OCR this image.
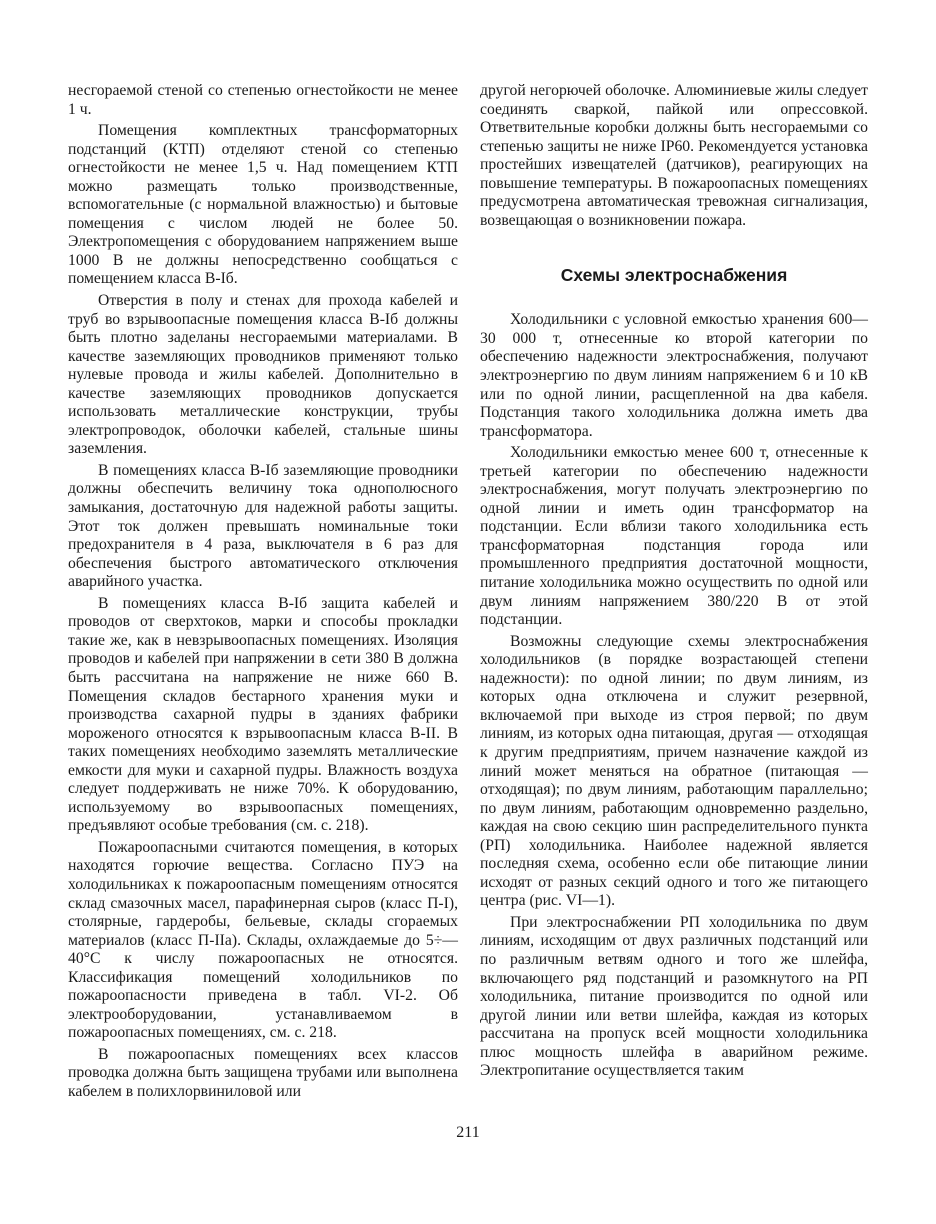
несгораемой стеной со степенью огнестойкости не менее 1 ч.

Помещения комплектных трансформаторных подстанций (КТП) отделяют стеной со степенью огнестойкости не менее 1,5 ч. Над помещением КТП можно размещать только производственные, вспомогательные (с нормальной влажностью) и бытовые помещения с числом людей не более 50. Электропомещения с оборудованием напряжением выше 1000 В не должны непосредственно сообщаться с помещением класса В-Iб.

Отверстия в полу и стенах для прохода кабелей и труб во взрывоопасные помещения класса В-Iб должны быть плотно заделаны несгораемыми материалами. В качестве заземляющих проводников применяют только нулевые провода и жилы кабелей. Дополнительно в качестве заземляющих проводников допускается использовать металлические конструкции, трубы электропроводок, оболочки кабелей, стальные шины заземления.

В помещениях класса В-Iб заземляющие проводники должны обеспечить величину тока однополюсного замыкания, достаточную для надежной работы защиты. Этот ток должен превышать номинальные токи предохранителя в 4 раза, выключателя в 6 раз для обеспечения быстрого автоматического отключения аварийного участка.

В помещениях класса В-Iб защита кабелей и проводов от сверхтоков, марки и способы прокладки такие же, как в невзрывоопасных помещениях. Изоляция проводов и кабелей при напряжении в сети 380 В должна быть рассчитана на напряжение не ниже 660 В. Помещения складов бестарного хранения муки и производства сахарной пудры в зданиях фабрики мороженого относятся к взрывоопасным класса В-II. В таких помещениях необходимо заземлять металлические емкости для муки и сахарной пудры. Влажность воздуха следует поддерживать не ниже 70%. К оборудованию, используемому во взрывоопасных помещениях, предъявляют особые требования (см. с. 218).

Пожароопасными считаются помещения, в которых находятся горючие вещества. Согласно ПУЭ на холодильниках к пожароопасным помещениям относятся склад смазочных масел, парафинерная сыров (класс П-I), столярные, гардеробы, бельевые, склады сгораемых материалов (класс П-IIа). Склады, охлаждаемые до 5÷—40°С к числу пожароопасных не относятся. Классификация помещений холодильников по пожароопасности приведена в табл. VI-2. Об электрооборудовании, устанавливаемом в пожароопасных помещениях, см. с. 218.

В пожароопасных помещениях всех классов проводка должна быть защищена трубами или выполнена кабелем в полихлорвиниловой или

другой негорючей оболочке. Алюминиевые жилы следует соединять сваркой, пайкой или опрессовкой. Ответвительные коробки должны быть несгораемыми со степенью защиты не ниже IP60. Рекомендуется установка простейших извещателей (датчиков), реагирующих на повышение температуры. В пожароопасных помещениях предусмотрена автоматическая тревожная сигнализация, возвещающая о возникновении пожара.

Схемы электроснабжения

Холодильники с условной емкостью хранения 600—30 000 т, отнесенные ко второй категории по обеспечению надежности электроснабжения, получают электроэнергию по двум линиям напряжением 6 и 10 кВ или по одной линии, расщепленной на два кабеля. Подстанция такого холодильника должна иметь два трансформатора.

Холодильники емкостью менее 600 т, отнесенные к третьей категории по обеспечению надежности электроснабжения, могут получать электроэнергию по одной линии и иметь один трансформатор на подстанции. Если вблизи такого холодильника есть трансформаторная подстанция города или промышленного предприятия достаточной мощности, питание холодильника можно осуществить по одной или двум линиям напряжением 380/220 В от этой подстанции.

Возможны следующие схемы электроснабжения холодильников (в порядке возрастающей степени надежности): по одной линии; по двум линиям, из которых одна отключена и служит резервной, включаемой при выходе из строя первой; по двум линиям, из которых одна питающая, другая — отходящая к другим предприятиям, причем назначение каждой из линий может меняться на обратное (питающая — отходящая); по двум линиям, работающим параллельно; по двум линиям, работающим одновременно раздельно, каждая на свою секцию шин распределительного пункта (РП) холодильника. Наиболее надежной является последняя схема, особенно если обе питающие линии исходят от разных секций одного и того же питающего центра (рис. VI—1).

При электроснабжении РП холодильника по двум линиям, исходящим от двух различных подстанций или по различным ветвям одного и того же шлейфа, включающего ряд подстанций и разомкнутого на РП холодильника, питание производится по одной или другой линии или ветви шлейфа, каждая из которых рассчитана на пропуск всей мощности холодильника плюс мощность шлейфа в аварийном режиме. Электропитание осуществляется таким

211
